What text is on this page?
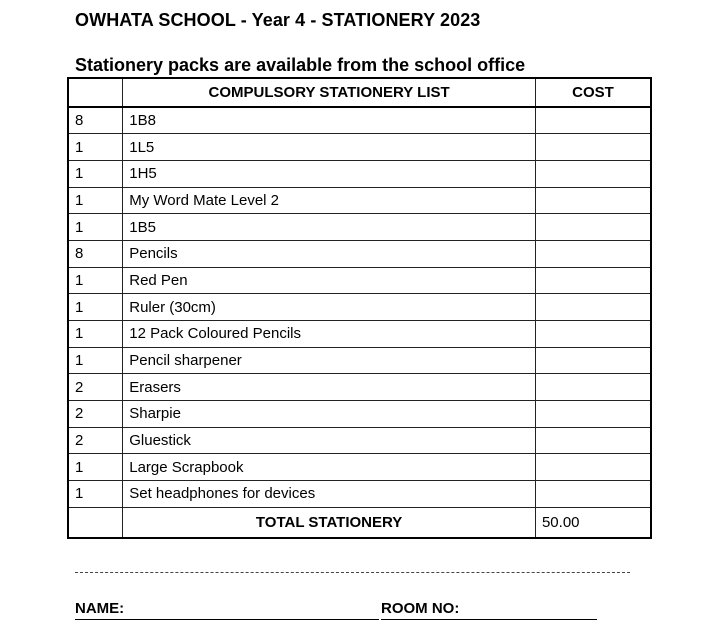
OWHATA SCHOOL - Year 4 - STATIONERY 2023
Stationery packs are available from the school office
	COMPULSORY STATIONERY LIST	COST
8	1B8	
1	1L5	
1	1H5	
1	My Word Mate Level 2	
1	1B5	
8	Pencils	
1	Red Pen	
1	Ruler (30cm)	
1	12 Pack Coloured Pencils	
1	Pencil sharpener	
2	Erasers	
2	Sharpie	
2	Gluestick	
1	Large Scrapbook	
1	Set headphones for devices	
	TOTAL STATIONERY	50.00
NAME:	ROOM NO:
